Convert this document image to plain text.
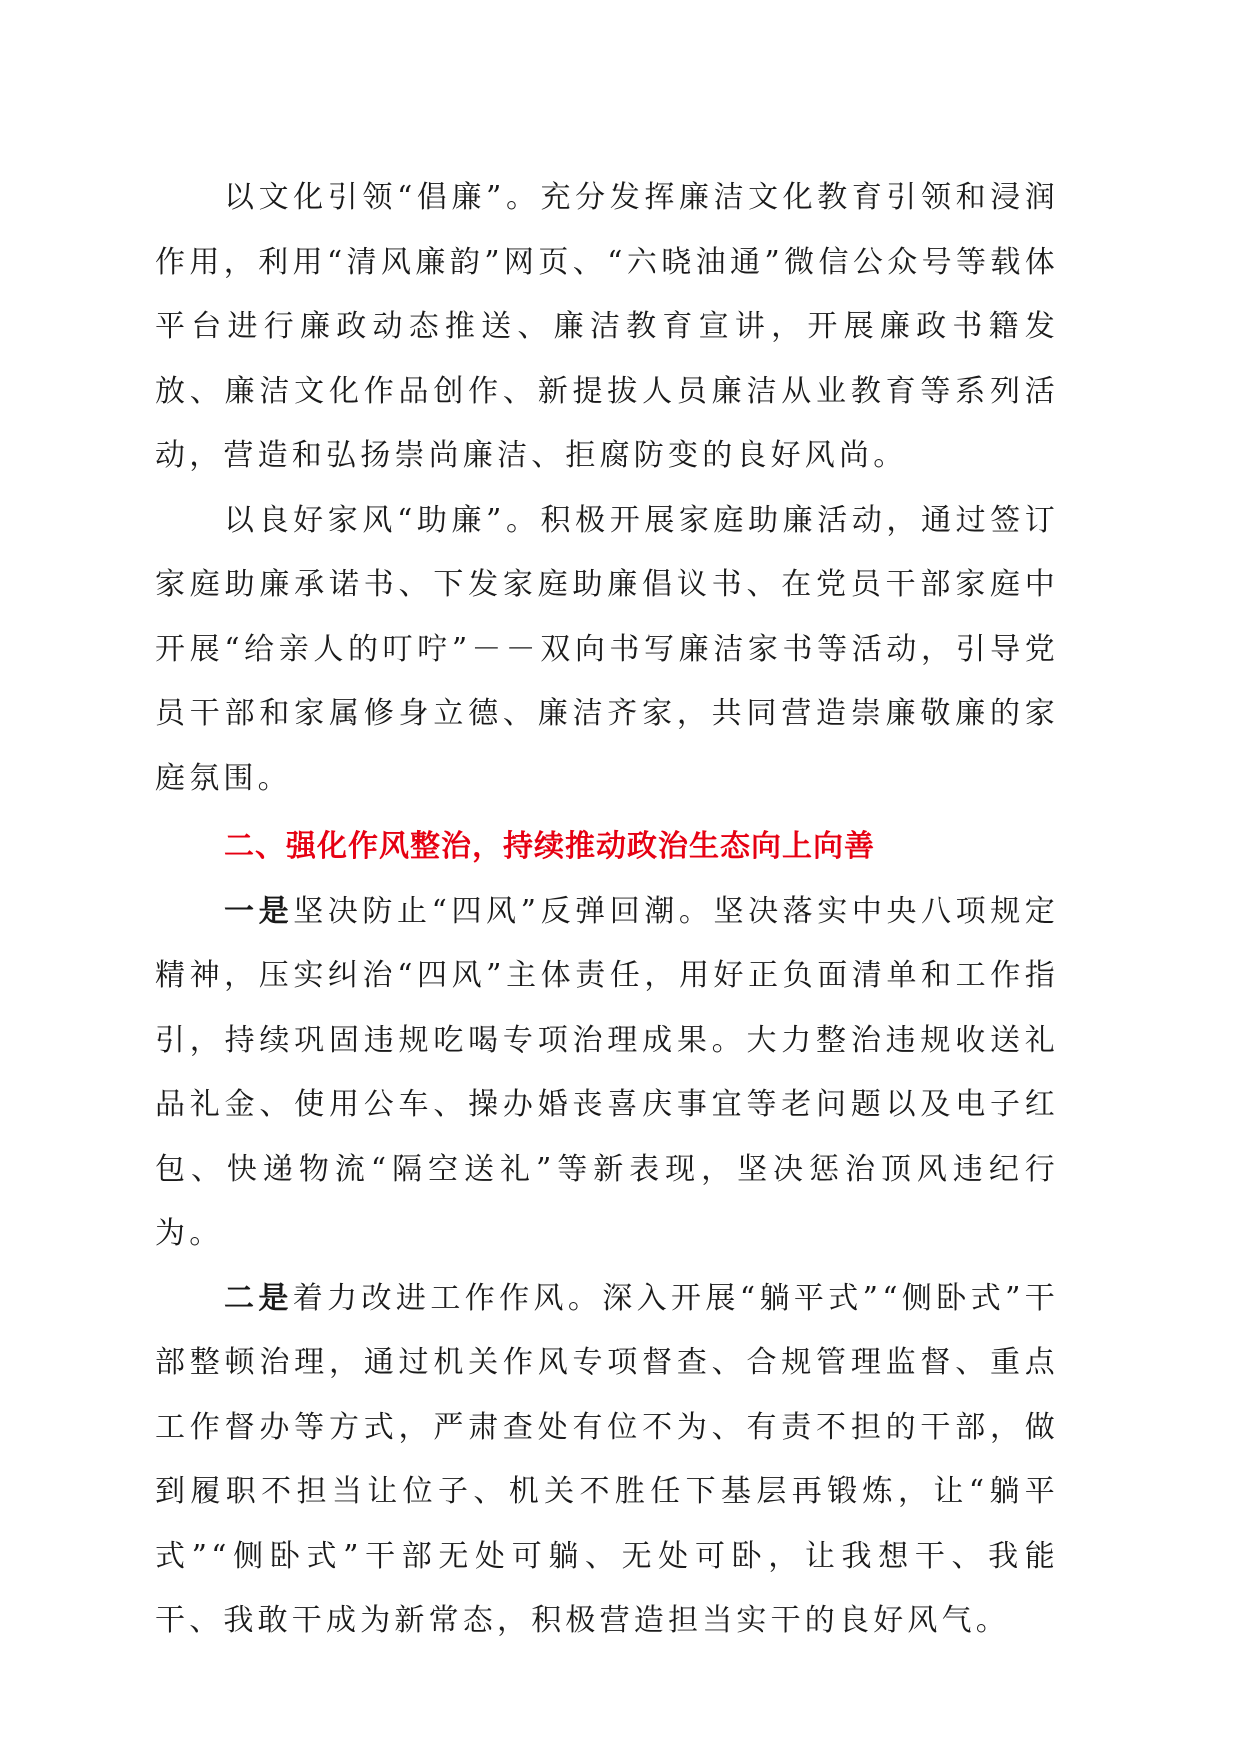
以文化引领“倡廉”。充分发挥廉洁文化教育引领和浸润作用，利用“清风廉韵”网页、“六晓油通”微信公众号等载体平台进行廉政动态推送、廉洁教育宣讲，开展廉政书籍发放、廉洁文化作品创作、新提拔人员廉洁从业教育等系列活动，营造和弘扬崇尚廉洁、拒腐防变的良好风尚。

以良好家风“助廉”。积极开展家庭助廉活动，通过签订家庭助廉承诺书、下发家庭助廉倡议书、在党员干部家庭中开展“给亲人的叮咛”－－双向书写廉洁家书等活动，引导党员干部和家属修身立德、廉洁齐家，共同营造崇廉敬廉的家庭氛围。

二、强化作风整治，持续推动政治生态向上向善

一是坚决防止“四风”反弹回潮。坚决落实中央八项规定精神，压实纠治“四风”主体责任，用好正负面清单和工作指引，持续巩固违规吃喝专项治理成果。大力整治违规收送礼品礼金、使用公车、操办婚丧喜庆事宜等老问题以及电子红包、快递物流“隔空送礼”等新表现，坚决惩治顶风违纪行为。

二是着力改进工作作风。深入开展“躺平式”“侧卧式”干部整顿治理，通过机关作风专项督查、合规管理监督、重点工作督办等方式，严肃查处有位不为、有责不担的干部，做到履职不担当让位子、机关不胜任下基层再锻炼，让“躺平式”“侧卧式”干部无处可躺、无处可卧，让我想干、我能干、我敢干成为新常态，积极营造担当实干的良好风气。
